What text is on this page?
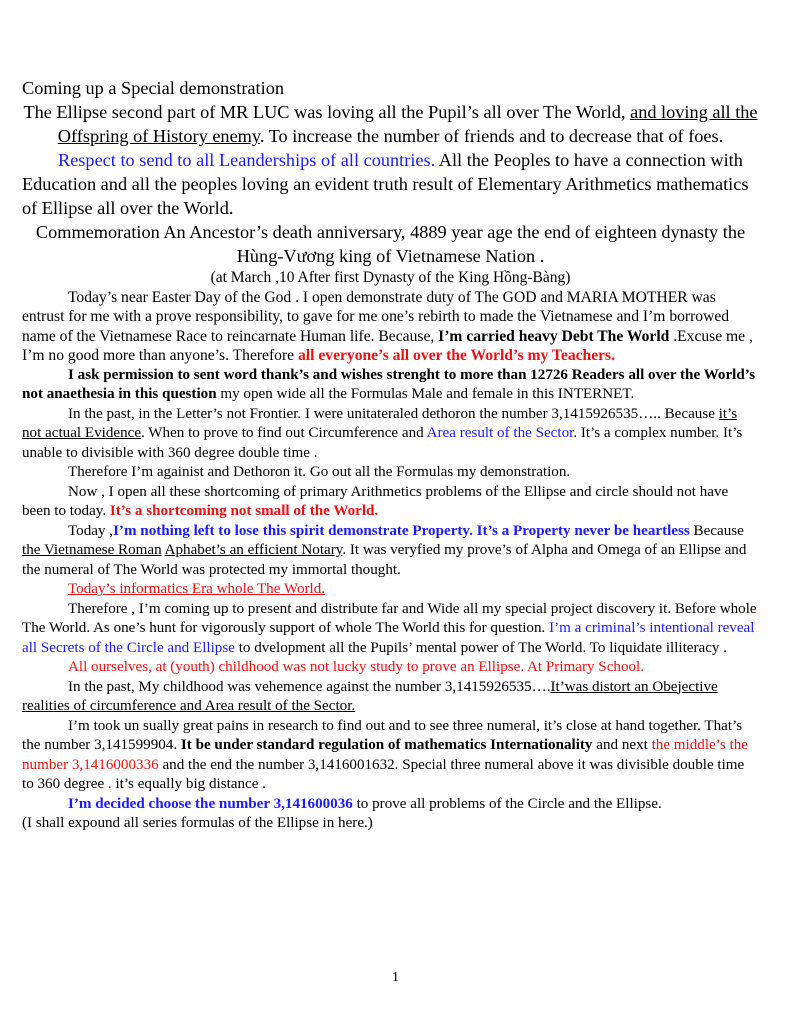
Coming up a Special demonstration

The Ellipse second part of MR LUC was loving all the Pupil’s all over The World, and loving all the Offspring of History enemy. To increase the number of friends and to decrease that of foes.

Respect to send to all Leanderships of all countries. All the Peoples to have a connection with Education and all the peoples loving an evident truth result of Elementary Arithmetics mathematics of Ellipse all over the World.

Commemoration An Ancestor’s death anniversary, 4889 year age the end of eighteen dynasty the Hùng-Vương king of Vietnamese Nation .

(at March ,10 After first Dynasty of the King Hồng-Bàng)

Today’s near Easter Day of the God . I open demonstrate duty of The GOD and MARIA MOTHER was entrust for me with a prove responsibility, to gave for me one’s rebirth to made the Vietnamese and I’m borrowed name of the Vietnamese Race to reincarnate Human life. Because, I’m carried heavy Debt The World .Excuse me , I’m no good more than anyone’s. Therefore all everyone’s all over the World’s my Teachers.

I ask permission to sent word thank’s and wishes strenght to more than 12726 Readers all over the World’s not anaethesia in this question my open wide all the Formulas Male and female in this INTERNET.

In the past, in the Letter’s not Frontier. I were unitateraled dethoron the number 3,1415926535….. Because it’s not actual Evidence. When to prove to find out Circumference and Area result of the Sector. It’s a complex number. It’s unable to divisible with 360 degree double time .

Therefore I’m againist and Dethoron it. Go out all the Formulas my demonstration.

Now , I open all these shortcoming of primary Arithmetics problems of the Ellipse and circle should not have been to today. It’s a shortcoming not small of the World.

Today ,I’m nothing left to lose this spirit demonstrate Property. It’s a Property never be heartless Because the Vietnamese Roman Aphabet’s an efficient Notary. It was veryfied my prove’s of Alpha and Omega of an Ellipse and the numeral of The World was protected my immortal thought.

Today’s informatics Era whole The World.

Therefore , I’m coming up to present and distribute far and Wide all my special project discovery it. Before whole The World. As one’s hunt for vigorously support of whole The World this for question. I’m a criminal’s intentional reveal all Secrets of the Circle and Ellipse to dvelopment all the Pupils’ mental power of The World. To liquidate illiteracy .

All ourselves, at (youth) childhood was not lucky study to prove an Ellipse. At Primary School.

In the past, My childhood was vehemence against the number 3,1415926535….It’was distort an Obejective realities of circumference and Area result of the Sector.

I’m took un sually great pains in research to find out and to see three numeral, it’s close at hand together. That’s the number 3,141599904. It be under standard regulation of mathematics Internationality and next the middle’s the number 3,1416000336 and the end the number 3,1416001632. Special three numeral above it was divisible double time to 360 degree . it’s equally big distance .

I’m decided choose the number 3,141600036 to prove all problems of the Circle and the Ellipse.

(I shall expound all series formulas of the Ellipse in here.)

1
